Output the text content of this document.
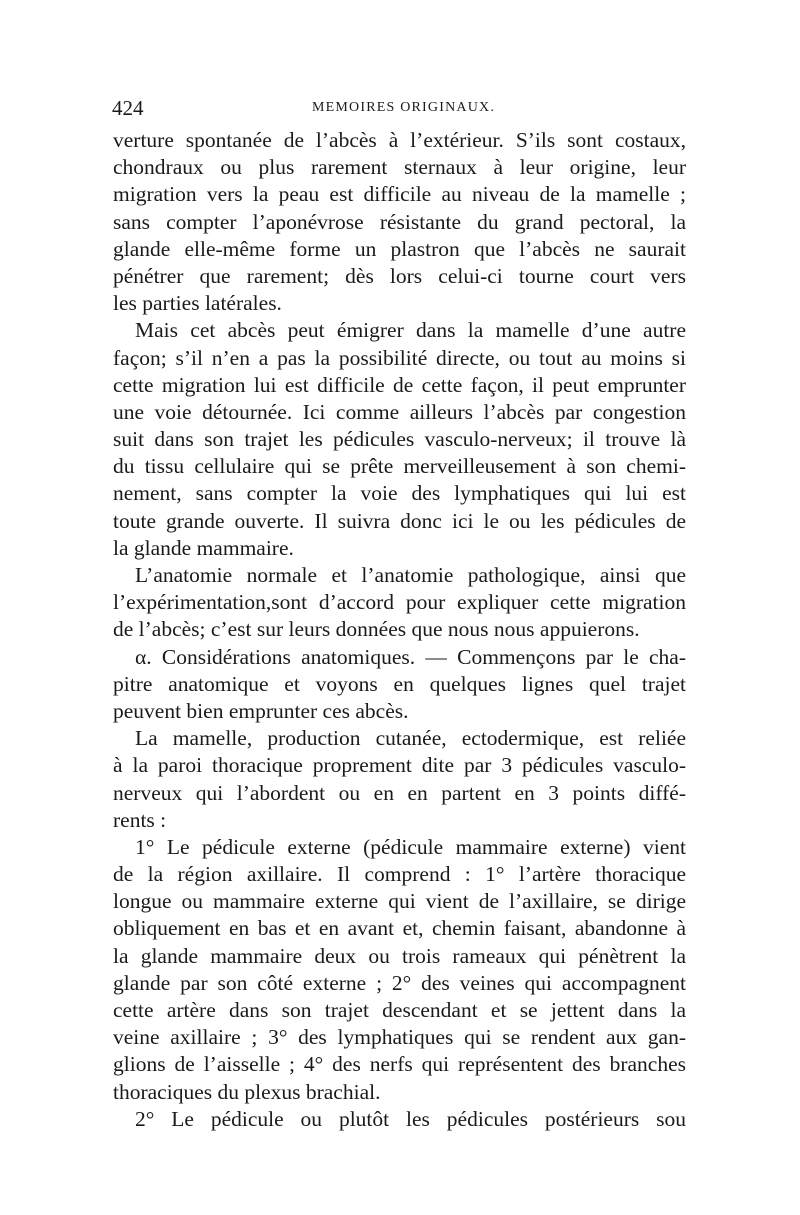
424	MEMOIRES ORIGINAUX.
verture spontanée de l’abcès à l’extérieur. S’ils sont costaux,
chondraux ou plus rarement sternaux à leur origine, leur
migration vers la peau est difficile au niveau de la mamelle ;
sans compter l’aponévrose résistante du grand pectoral, la
glande elle-même forme un plastron que l’abcès ne saurait
pénétrer que rarement; dès lors celui-ci tourne court vers
les parties latérales.
Mais cet abcès peut émigrer dans la mamelle d’une autre
façon; s’il n’en a pas la possibilité directe, ou tout au moins si
cette migration lui est difficile de cette façon, il peut emprunter
une voie détournée. Ici comme ailleurs l’abcès par congestion
suit dans son trajet les pédicules vasculo-nerveux; il trouve là
du tissu cellulaire qui se prête merveilleusement à son chemi-
nement, sans compter la voie des lymphatiques qui lui est
toute grande ouverte. Il suivra donc ici le ou les pédicules de
la glande mammaire.
L’anatomie normale et l’anatomie pathologique, ainsi que
l’expérimentation,sont d’accord pour expliquer cette migration
de l’abcès; c’est sur leurs données que nous nous appuierons.
α. Considérations anatomiques. — Commençons par le cha-
pitre anatomique et voyons en quelques lignes quel trajet
peuvent bien emprunter ces abcès.
La mamelle, production cutanée, ectodermique, est reliée
à la paroi thoracique proprement dite par 3 pédicules vasculo-
nerveux qui l’abordent ou en en partent en 3 points diffé-
rents :
1° Le pédicule externe (pédicule mammaire externe) vient
de la région axillaire. Il comprend : 1° l’artère thoracique
longue ou mammaire externe qui vient de l’axillaire, se dirige
obliquement en bas et en avant et, chemin faisant, abandonne à
la glande mammaire deux ou trois rameaux qui pénètrent la
glande par son côté externe ; 2° des veines qui accompagnent
cette artère dans son trajet descendant et se jettent dans la
veine axillaire ; 3° des lymphatiques qui se rendent aux gan-
glions de l’aisselle ; 4° des nerfs qui représentent des branches
thoraciques du plexus brachial.
2° Le pédicule ou plutôt les pédicules postérieurs sou
